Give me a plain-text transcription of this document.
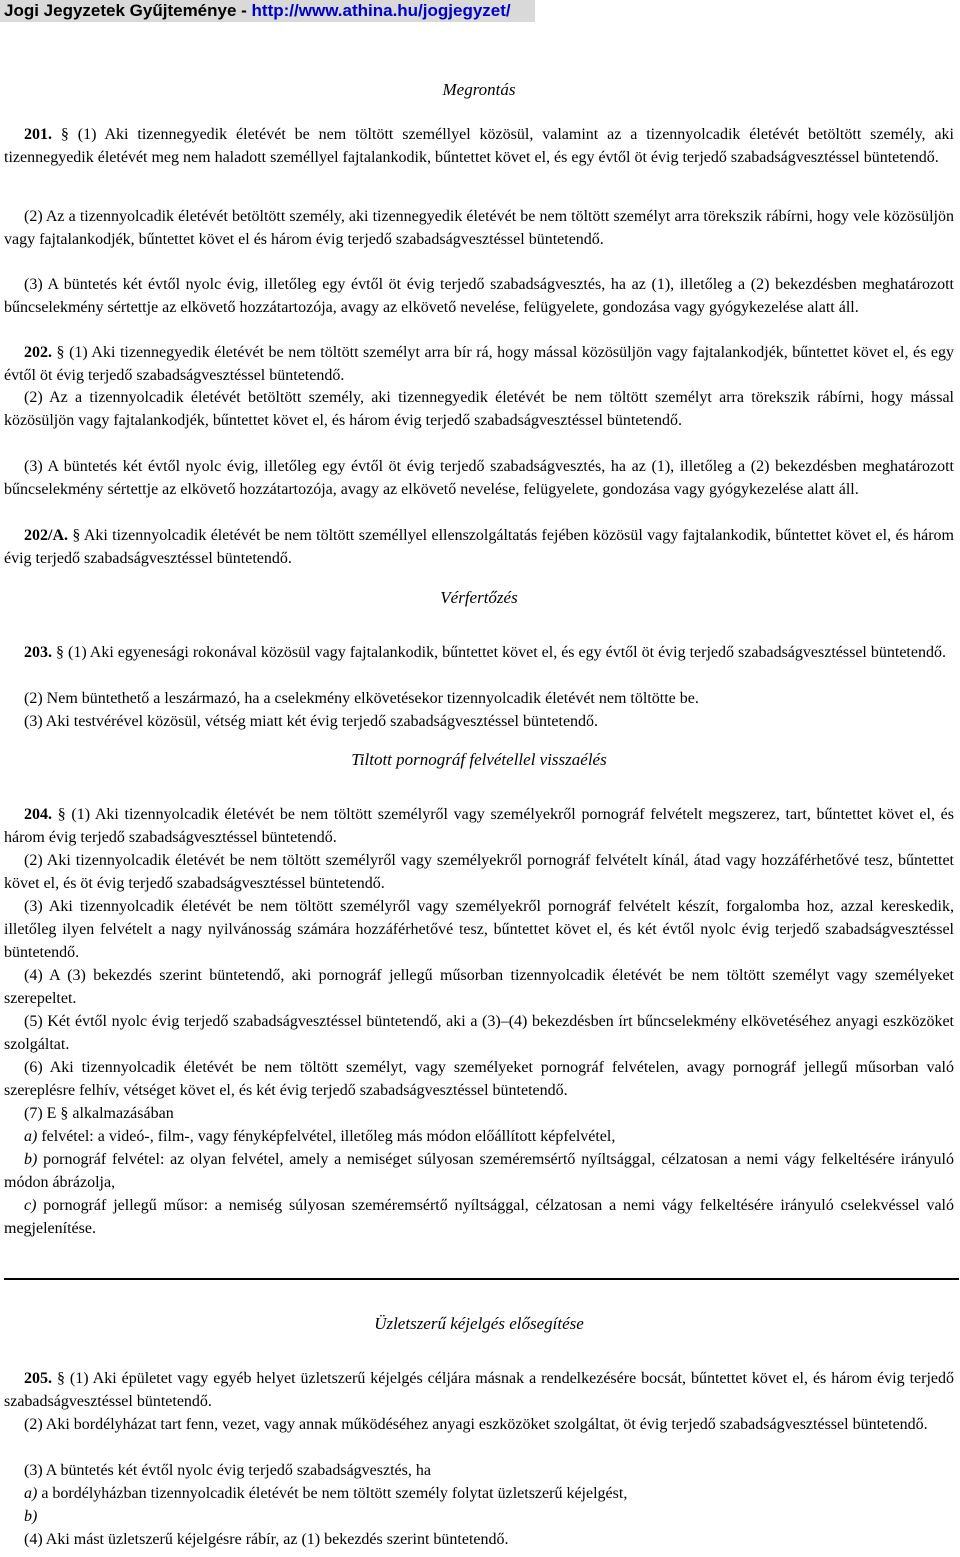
Jogi Jegyzetek Gyűjteménye - http://www.athina.hu/jogjegyzet/
Megrontás
201. § (1) Aki tizennegyedik életévét be nem töltött személlyel közösül, valamint az a tizennyolcadik életévét betöltött személy, aki tizennegyedik életévét meg nem haladott személlyel fajtalankodik, bűntettet követ el, és egy évtől öt évig terjedő szabadságvesztéssel büntetendő.
(2) Az a tizennyolcadik életévét betöltött személy, aki tizennegyedik életévét be nem töltött személyt arra törekszik rábírni, hogy vele közösüljön vagy fajtalankodjék, bűntettet követ el és három évig terjedő szabadságvesztéssel büntetendő.
(3) A büntetés két évtől nyolc évig, illetőleg egy évtől öt évig terjedő szabadságvesztés, ha az (1), illetőleg a (2) bekezdésben meghatározott bűncselekmény sértettje az elkövető hozzátartozója, avagy az elkövető nevelése, felügyelete, gondozása vagy gyógykezelése alatt áll.
202. § (1) Aki tizennegyedik életévét be nem töltött személyt arra bír rá, hogy mással közösüljön vagy fajtalankodjék, bűntettet követ el, és egy évtől öt évig terjedő szabadságvesztéssel büntetendő.
(2) Az a tizennyolcadik életévét betöltött személy, aki tizennegyedik életévét be nem töltött személyt arra törekszik rábírni, hogy mással közösüljön vagy fajtalankodjék, bűntettet követ el, és három évig terjedő szabadságvesztéssel büntetendő.
(3) A büntetés két évtől nyolc évig, illetőleg egy évtől öt évig terjedő szabadságvesztés, ha az (1), illetőleg a (2) bekezdésben meghatározott bűncselekmény sértettje az elkövető hozzátartozója, avagy az elkövető nevelése, felügyelete, gondozása vagy gyógykezelése alatt áll.
202/A. § Aki tizennyolcadik életévét be nem töltött személlyel ellenszolgáltatás fejében közösül vagy fajtalankodik, bűntettet követ el, és három évig terjedő szabadságvesztéssel büntetendő.
Vérfertőzés
203. § (1) Aki egyenesági rokonával közösül vagy fajtalankodik, bűntettet követ el, és egy évtől öt évig terjedő szabadságvesztéssel büntetendő.
(2) Nem büntethető a leszármazó, ha a cselekmény elkövetésekor tizennyolcadik életévét nem töltötte be.
(3) Aki testvérével közösül, vétség miatt két évig terjedő szabadságvesztéssel büntetendő.
Tiltott pornográf felvétellel visszaélés
204. § (1) Aki tizennyolcadik életévét be nem töltött személyről vagy személyekről pornográf felvételt megszerez, tart, bűntettet követ el, és három évig terjedő szabadságvesztéssel büntetendő.
(2) Aki tizennyolcadik életévét be nem töltött személyről vagy személyekről pornográf felvételt kínál, átad vagy hozzáférhetővé tesz, bűntettet követ el, és öt évig terjedő szabadságvesztéssel büntetendő.
(3) Aki tizennyolcadik életévét be nem töltött személyről vagy személyekről pornográf felvételt készít, forgalomba hoz, azzal kereskedik, illetőleg ilyen felvételt a nagy nyilvánosság számára hozzáférhetővé tesz, bűntettet követ el, és két évtől nyolc évig terjedő szabadságvesztéssel büntetendő.
(4) A (3) bekezdés szerint büntetendő, aki pornográf jellegű műsorban tizennyolcadik életévét be nem töltött személyt vagy személyeket szerepeltet.
(5) Két évtől nyolc évig terjedő szabadságvesztéssel büntetendő, aki a (3)–(4) bekezdésben írt bűncselekmény elkövetéséhez anyagi eszközöket szolgáltat.
(6) Aki tizennyolcadik életévét be nem töltött személyt, vagy személyeket pornográf felvételen, avagy pornográf jellegű műsorban való szereplésre felhív, vétséget követ el, és két évig terjedő szabadságvesztéssel büntetendő.
(7) E § alkalmazásában
a) felvétel: a videó-, film-, vagy fényképfelvétel, illetőleg más módon előállított képfelvétel,
b) pornográf felvétel: az olyan felvétel, amely a nemiséget súlyosan szeméremsértő nyíltsággal, célzatosan a nemi vágy felkeltésére irányuló módon ábrázolja,
c) pornográf jellegű műsor: a nemiség súlyosan szeméremsértő nyíltsággal, célzatosan a nemi vágy felkeltésére irányuló cselekvéssel való megjelenítése.
Üzletszerű kéjelgés elősegítése
205. § (1) Aki épületet vagy egyéb helyet üzletszerű kéjelgés céljára másnak a rendelkezésére bocsát, bűntettet követ el, és három évig terjedő szabadságvesztéssel büntetendő.
(2) Aki bordélyházat tart fenn, vezet, vagy annak működéséhez anyagi eszközöket szolgáltat, öt évig terjedő szabadságvesztéssel büntetendő.
(3) A büntetés két évtől nyolc évig terjedő szabadságvesztés, ha
a) a bordélyházban tizennyolcadik életévét be nem töltött személy folytat üzletszerű kéjelgést,
b)
(4) Aki mást üzletszerű kéjelgésre rábír, az (1) bekezdés szerint büntetendő.
